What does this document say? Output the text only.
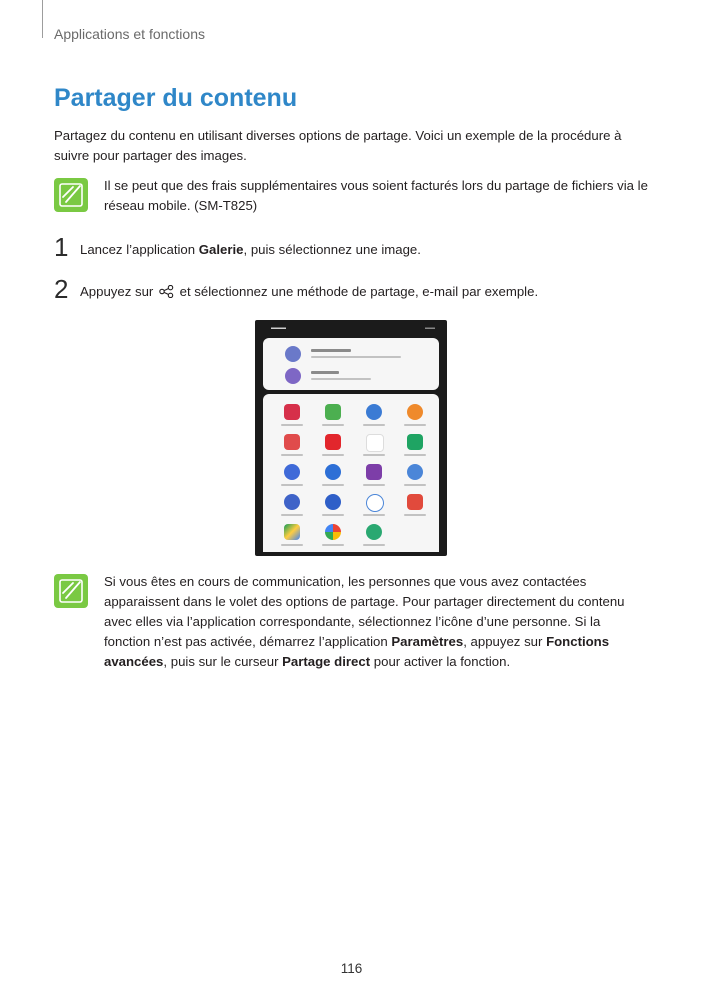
Applications et fonctions
Partager du contenu
Partagez du contenu en utilisant diverses options de partage. Voici un exemple de la procédure à suivre pour partager des images.
Il se peut que des frais supplémentaires vous soient facturés lors du partage de fichiers via le réseau mobile. (SM-T825)
1 Lancez l’application Galerie, puis sélectionnez une image.
2 Appuyez sur  et sélectionnez une méthode de partage, e-mail par exemple.
▬▬▬	▬▬
Si vous êtes en cours de communication, les personnes que vous avez contactées apparaissent dans le volet des options de partage. Pour partager directement du contenu avec elles via l’application correspondante, sélectionnez l’icône d’une personne. Si la fonction n’est pas activée, démarrez l’application Paramètres, appuyez sur Fonctions avancées, puis sur le curseur Partage direct pour activer la fonction.
116
